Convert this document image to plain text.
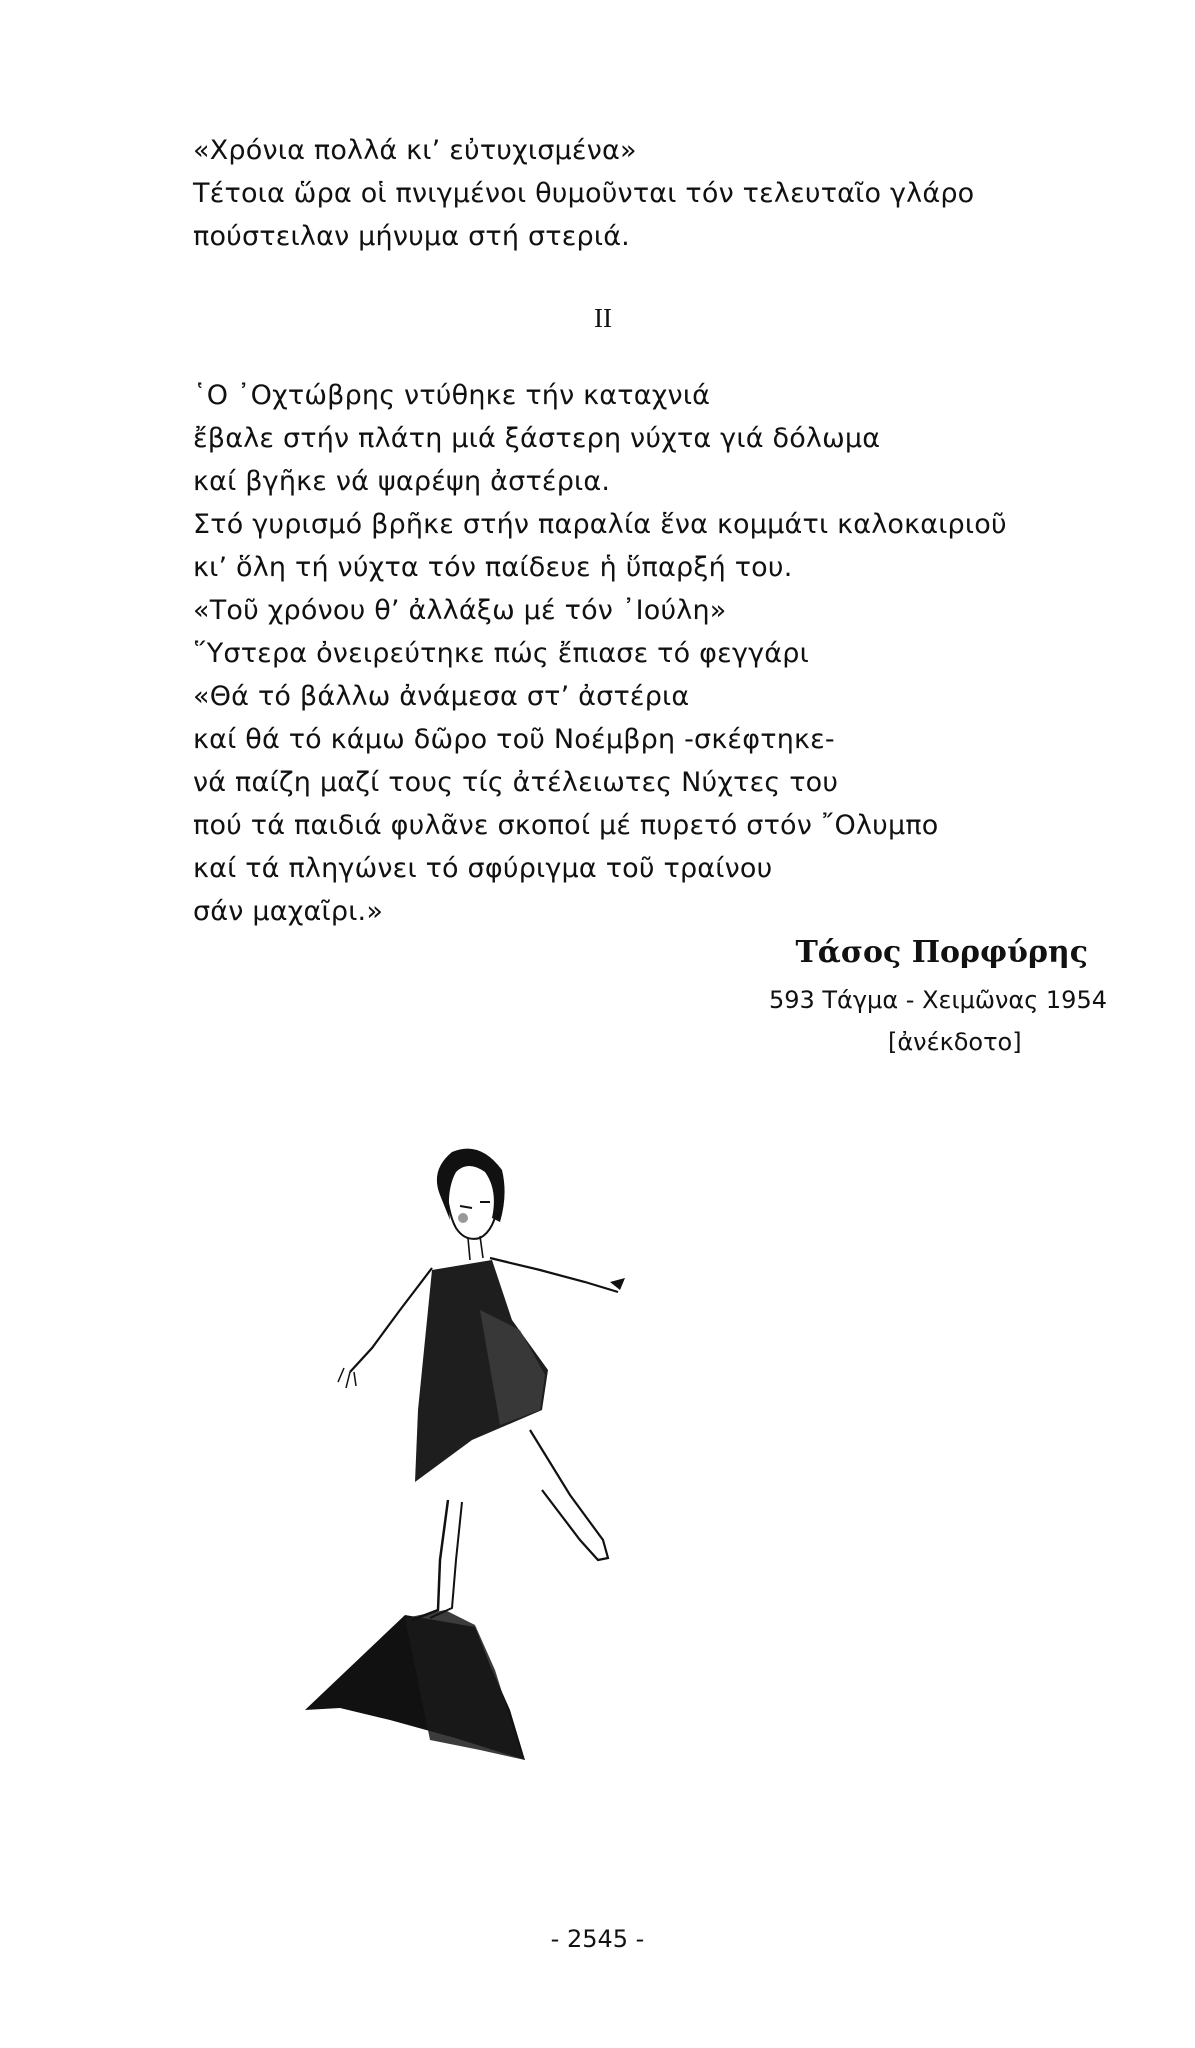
«Χρόνια πολλά κι’ εὐτυχισμένα»
Τέτοια ὥρα οἱ πνιγμένοι θυμοῦνται τόν τελευταῖο γλάρο
πούστειλαν μήνυμα στή στεριά.
II
῾Ο ᾿Οχτώβρης ντύθηκε τήν καταχνιά
ἔβαλε στήν πλάτη μιά ξάστερη νύχτα γιά δόλωμα
καί βγῆκε νά ψαρέψη ἀστέρια.
Στό γυρισμό βρῆκε στήν παραλία ἕνα κομμάτι καλοκαιριοῦ
κι’ ὅλη τή νύχτα τόν παίδευε ἡ ὕπαρξή του.
«Τοῦ χρόνου θ’ ἀλλάξω μέ τόν ᾿Ιούλη»
῞Υστερα ὀνειρεύτηκε πώς ἔπιασε τό φεγγάρι
«Θά τό βάλλω ἀνάμεσα στ’ ἀστέρια
καί θά τό κάμω δῶρο τοῦ Νοέμβρη -σκέφτηκε-
νά παίζη μαζί τους τίς ἀτέλειωτες Νύχτες του
πού τά παιδιά φυλᾶνε σκοποί μέ πυρετό στόν ῎Ολυμπο
καί τά πληγώνει τό σφύριγμα τοῦ τραίνου
σάν μαχαῖρι.»
Τάσος Πορφύρης
593 Τάγμα - Χειμῶνας 1954
[ἀνέκδοτο]
- 2545 -
